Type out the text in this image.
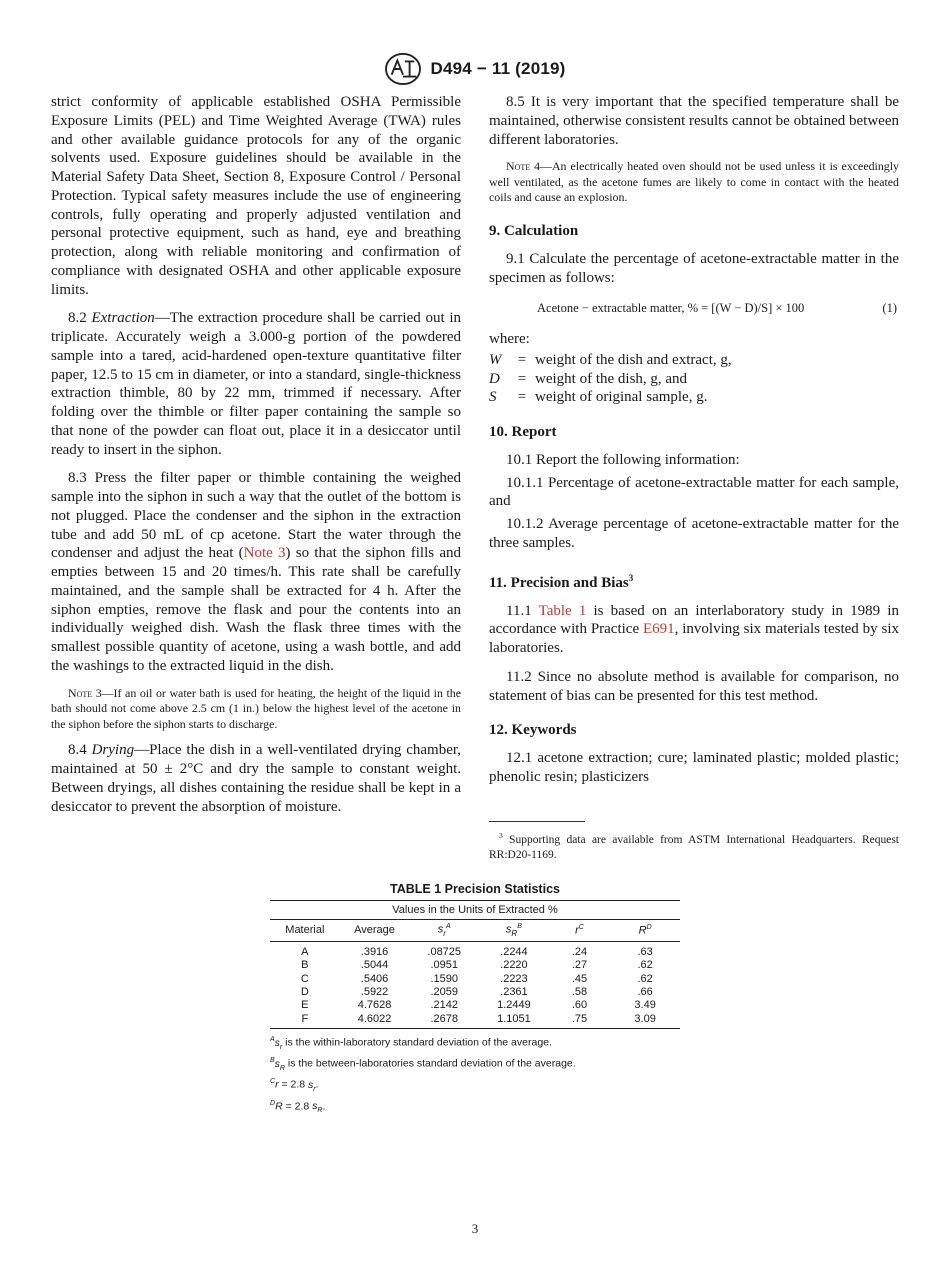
D494 − 11 (2019)

strict conformity of applicable established OSHA Permissible Exposure Limits (PEL) and Time Weighted Average (TWA) rules and other available guidance protocols for any of the organic solvents used. Exposure guidelines should be available in the Material Safety Data Sheet, Section 8, Exposure Control / Personal Protection. Typical safety measures include the use of engineering controls, fully operating and properly adjusted ventilation and personal protective equipment, such as hand, eye and breathing protection, along with reliable monitoring and confirmation of compliance with designated OSHA and other applicable exposure limits.

8.2 Extraction—The extraction procedure shall be carried out in triplicate. Accurately weigh a 3.000-g portion of the powdered sample into a tared, acid-hardened open-texture quantitative filter paper, 12.5 to 15 cm in diameter, or into a standard, single-thickness extraction thimble, 80 by 22 mm, trimmed if necessary. After folding over the thimble or filter paper containing the sample so that none of the powder can float out, place it in a desiccator until ready to insert in the siphon.

8.3 Press the filter paper or thimble containing the weighed sample into the siphon in such a way that the outlet of the bottom is not plugged. Place the condenser and the siphon in the extraction tube and add 50 mL of cp acetone. Start the water through the condenser and adjust the heat (Note 3) so that the siphon fills and empties between 15 and 20 times/h. This rate shall be carefully maintained, and the sample shall be extracted for 4 h. After the siphon empties, remove the flask and pour the contents into an individually weighed dish. Wash the flask three times with the smallest possible quantity of acetone, using a wash bottle, and add the washings to the extracted liquid in the dish.

Note 3—If an oil or water bath is used for heating, the height of the liquid in the bath should not come above 2.5 cm (1 in.) below the highest level of the acetone in the siphon before the siphon starts to discharge.

8.4 Drying—Place the dish in a well-ventilated drying chamber, maintained at 50 ± 2°C and dry the sample to constant weight. Between dryings, all dishes containing the residue shall be kept in a desiccator to prevent the absorption of moisture.

8.5 It is very important that the specified temperature shall be maintained, otherwise consistent results cannot be obtained between different laboratories.

Note 4—An electrically heated oven should not be used unless it is exceedingly well ventilated, as the acetone fumes are likely to come in contact with the heated coils and cause an explosion.

9. Calculation

9.1 Calculate the percentage of acetone-extractable matter in the specimen as follows:

Acetone − extractable matter, % = [(W − D)/S] × 100	(1)

where:

W	=	weight of the dish and extract, g,
D	=	weight of the dish, g, and
S	=	weight of original sample, g.
10. Report

10.1 Report the following information:

10.1.1 Percentage of acetone-extractable matter for each sample, and

10.1.2 Average percentage of acetone-extractable matter for the three samples.

11. Precision and Bias$^3$

11.1 Table 1 is based on an interlaboratory study in 1989 in accordance with Practice E691, involving six materials tested by six laboratories.

11.2 Since no absolute method is available for comparison, no statement of bias can be presented for this test method.

12. Keywords

12.1 acetone extraction; cure; laminated plastic; molded plastic; phenolic resin; plasticizers

$^3$ Supporting data are available from ASTM International Headquarters. Request RR:D20-1169.

TABLE 1 Precision Statistics
Values in the Units of Extracted %					
Material	Average	$s_r^A$	$s_R^B$	$r^C$	$R^D$
A	.3916	.08725	.2244	.24	.63
B	.5044	.0951	.2220	.27	.62
C	.5406	.1590	.2223	.45	.62
D	.5922	.2059	.2361	.58	.66
E	4.7628	.2142	1.2449	.60	3.49
F	4.6022	.2678	1.1051	.75	3.09
$^As_r$ is the within-laboratory standard deviation of the average.
$^Bs_R$ is the between-laboratories standard deviation of the average.
$^C$r = 2.8 $s_r$.
$^D$R = 2.8 $s_R$.
3
